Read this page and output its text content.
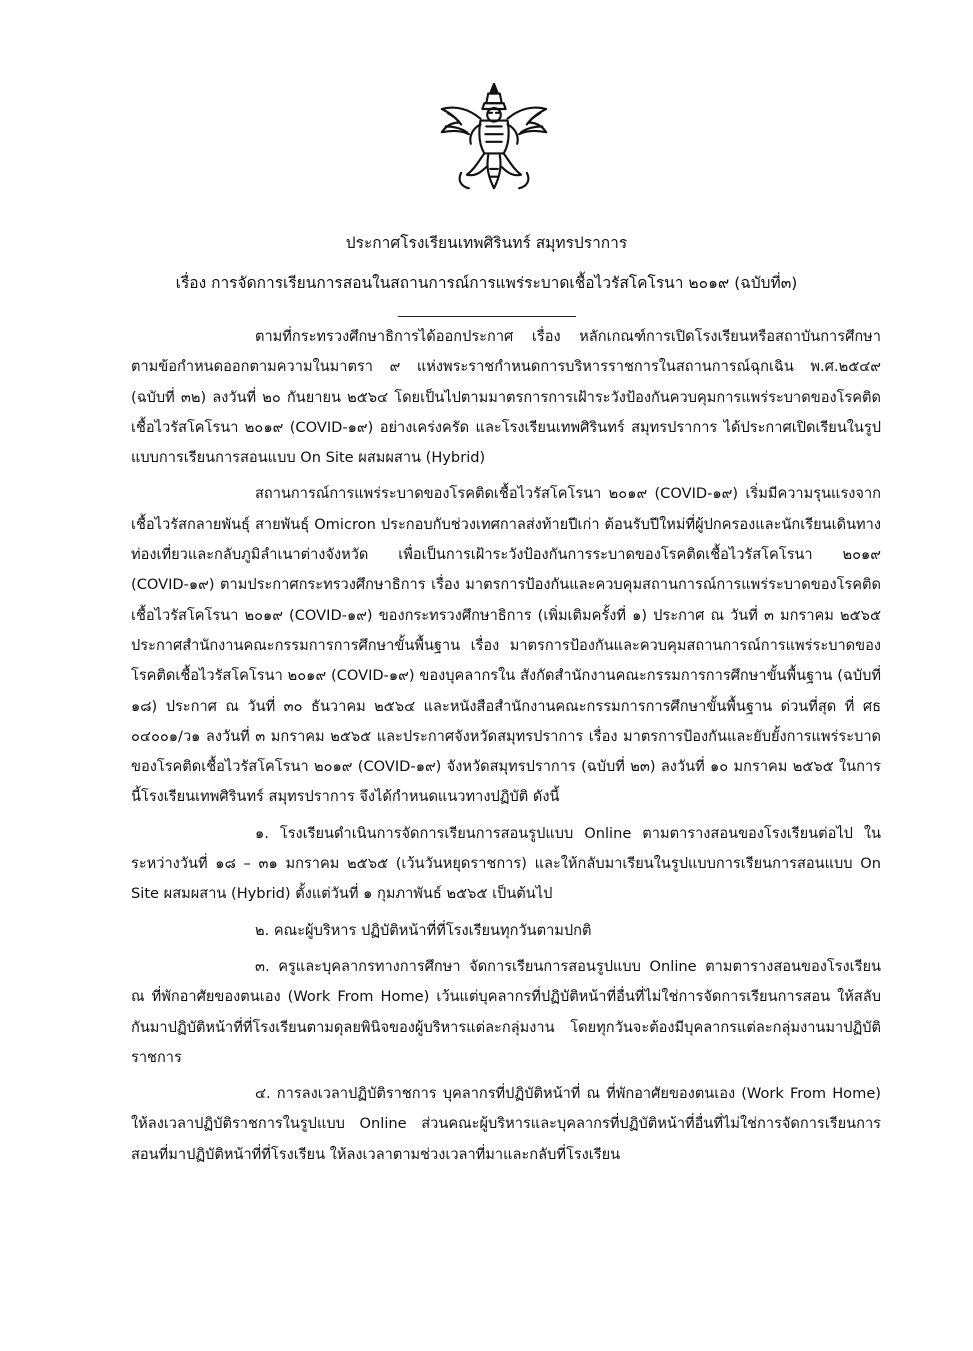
ประกาศโรงเรียนเทพศิรินทร์ สมุทรปราการ
เรื่อง การจัดการเรียนการสอนในสถานการณ์การแพร่ระบาดเชื้อไวรัสโคโรนา ๒๐๑๙ (ฉบับที่๓)

ตามที่กระทรวงศึกษาธิการได้ออกประกาศ เรื่อง หลักเกณฑ์การเปิดโรงเรียนหรือสถาบันการศึกษา ตามข้อกำหนดออกตามความในมาตรา ๙ แห่งพระราชกำหนดการบริหารราชการในสถานการณ์ฉุกเฉิน พ.ศ.๒๕๔๙ (ฉบับที่ ๓๒) ลงวันที่ ๒๐ กันยายน ๒๕๖๔ โดยเป็นไปตามมาตรการการเฝ้าระวังป้องกันควบคุมการแพร่ระบาดของโรคติดเชื้อไวรัสโคโรนา ๒๐๑๙ (COVID-๑๙) อย่างเคร่งครัด และโรงเรียนเทพศิรินทร์ สมุทรปราการ ได้ประกาศเปิดเรียนในรูปแบบการเรียนการสอนแบบ On Site ผสมผสาน (Hybrid)

สถานการณ์การแพร่ระบาดของโรคติดเชื้อไวรัสโคโรนา ๒๐๑๙ (COVID-๑๙) เริ่มมีความรุนแรงจากเชื้อไวรัสกลายพันธุ์ สายพันธุ์ Omicron ประกอบกับช่วงเทศกาลส่งท้ายปีเก่า ต้อนรับปีใหม่ที่ผู้ปกครองและนักเรียนเดินทางท่องเที่ยวและกลับภูมิลำเนาต่างจังหวัด เพื่อเป็นการเฝ้าระวังป้องกันการระบาดของโรคติดเชื้อไวรัสโคโรนา ๒๐๑๙ (COVID-๑๙) ตามประกาศกระทรวงศึกษาธิการ เรื่อง มาตรการป้องกันและควบคุมสถานการณ์การแพร่ระบาดของโรคติดเชื้อไวรัสโคโรนา ๒๐๑๙ (COVID-๑๙) ของกระทรวงศึกษาธิการ (เพิ่มเติมครั้งที่ ๑) ประกาศ ณ วันที่ ๓ มกราคม ๒๕๖๕ ประกาศสำนักงานคณะกรรมการการศึกษาขั้นพื้นฐาน เรื่อง มาตรการป้องกันและควบคุมสถานการณ์การแพร่ระบาดของโรคติดเชื้อไวรัสโคโรนา ๒๐๑๙ (COVID-๑๙) ของบุคลากรใน สังกัดสำนักงานคณะกรรมการการศึกษาขั้นพื้นฐาน (ฉบับที่ ๑๘) ประกาศ ณ วันที่ ๓๐ ธันวาคม ๒๕๖๔ และหนังสือสำนักงานคณะกรรมการการศึกษาขั้นพื้นฐาน ด่วนที่สุด ที่ ศธ ๐๔๐๐๑/ว๑ ลงวันที่ ๓ มกราคม ๒๕๖๕ และประกาศจังหวัดสมุทรปราการ เรื่อง มาตรการป้องกันและยับยั้งการแพร่ระบาดของโรคติดเชื้อไวรัสโคโรนา ๒๐๑๙ (COVID-๑๙) จังหวัดสมุทรปราการ (ฉบับที่ ๒๓) ลงวันที่ ๑๐ มกราคม ๒๕๖๕ ในการนี้โรงเรียนเทพศิรินทร์ สมุทรปราการ จึงได้กำหนดแนวทางปฏิบัติ ดังนี้

๑. โรงเรียนดำเนินการจัดการเรียนการสอนรูปแบบ Online ตามตารางสอนของโรงเรียนต่อไป ในระหว่างวันที่ ๑๘ – ๓๑ มกราคม ๒๕๖๕ (เว้นวันหยุดราชการ) และให้กลับมาเรียนในรูปแบบการเรียนการสอนแบบ On Site ผสมผสาน (Hybrid) ตั้งแต่วันที่ ๑ กุมภาพันธ์ ๒๕๖๕ เป็นต้นไป

๒. คณะผู้บริหาร ปฏิบัติหน้าที่ที่โรงเรียนทุกวันตามปกติ

๓. ครูและบุคลากรทางการศึกษา จัดการเรียนการสอนรูปแบบ Online ตามตารางสอนของโรงเรียน ณ ที่พักอาศัยของตนเอง (Work From Home) เว้นแต่บุคลากรที่ปฏิบัติหน้าที่อื่นที่ไม่ใช่การจัดการเรียนการสอน ให้สลับกันมาปฏิบัติหน้าที่ที่โรงเรียนตามดุลยพินิจของผู้บริหารแต่ละกลุ่มงาน โดยทุกวันจะต้องมีบุคลากรแต่ละกลุ่มงานมาปฏิบัติราชการ

๔. การลงเวลาปฏิบัติราชการ บุคลากรที่ปฏิบัติหน้าที่ ณ ที่พักอาศัยของตนเอง (Work From Home) ให้ลงเวลาปฏิบัติราชการในรูปแบบ Online ส่วนคณะผู้บริหารและบุคลากรที่ปฏิบัติหน้าที่อื่นที่ไม่ใช่การจัดการเรียนการสอนที่มาปฏิบัติหน้าที่ที่โรงเรียน ให้ลงเวลาตามช่วงเวลาที่มาและกลับที่โรงเรียน
